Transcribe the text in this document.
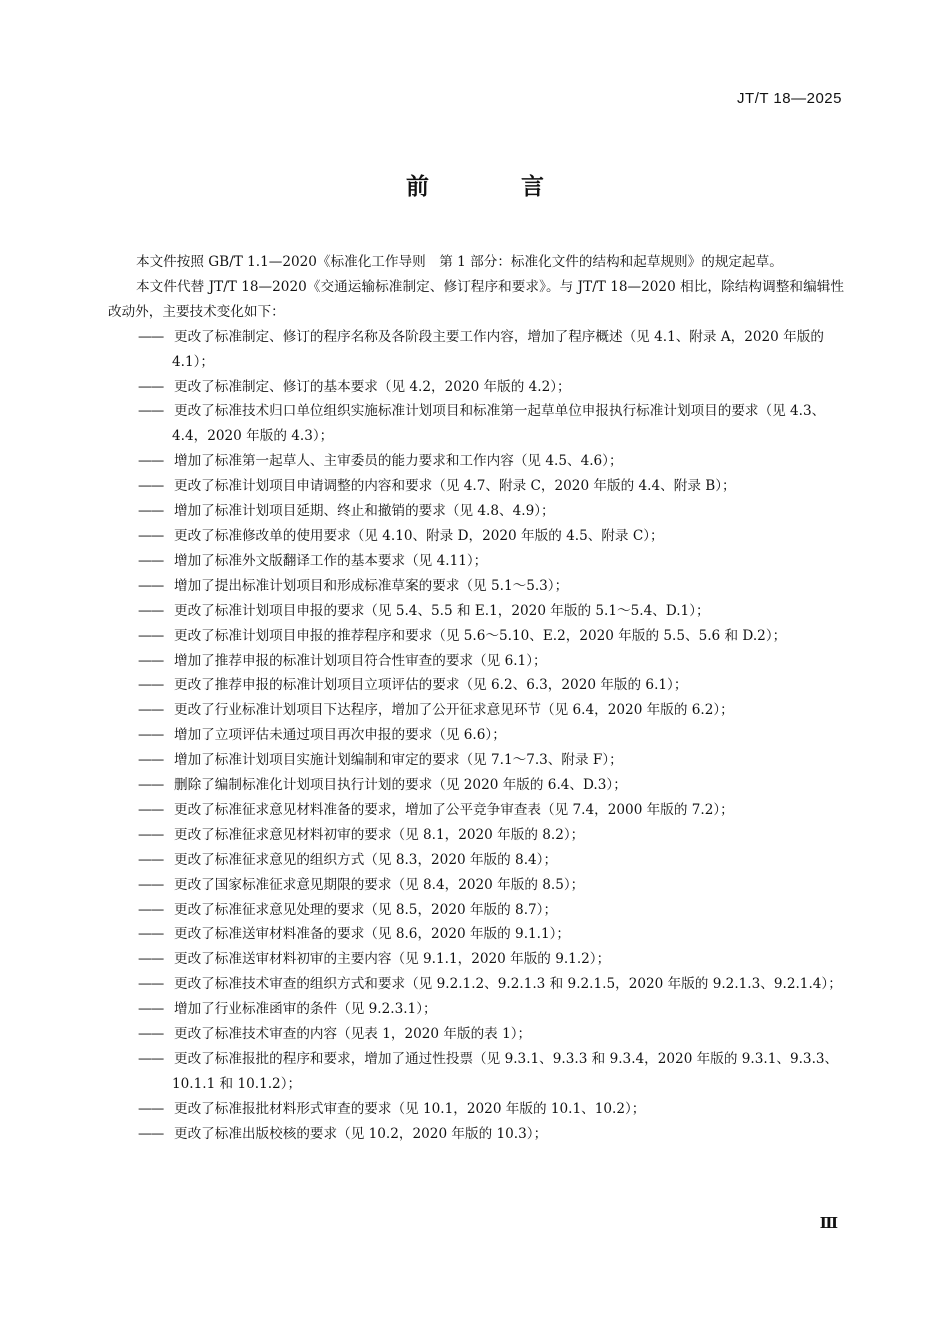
JT/T 18—2025
前 言

本文件按照 GB/T 1.1—2020《标准化工作导则　第 1 部分：标准化文件的结构和起草规则》的规定起草。

本文件代替 JT/T 18—2020《交通运输标准制定、修订程序和要求》。与 JT/T 18—2020 相比，除结构调整和编辑性改动外，主要技术变化如下：

—— 更改了标准制定、修订的程序名称及各阶段主要工作内容，增加了程序概述（见 4.1、附录 A，2020 年版的 4.1）；
—— 更改了标准制定、修订的基本要求（见 4.2，2020 年版的 4.2）；
—— 更改了标准技术归口单位组织实施标准计划项目和标准第一起草单位申报执行标准计划项目的要求（见 4.3、4.4，2020 年版的 4.3）；
—— 增加了标准第一起草人、主审委员的能力要求和工作内容（见 4.5、4.6）；
—— 更改了标准计划项目申请调整的内容和要求（见 4.7、附录 C，2020 年版的 4.4、附录 B）；
—— 增加了标准计划项目延期、终止和撤销的要求（见 4.8、4.9）；
—— 更改了标准修改单的使用要求（见 4.10、附录 D，2020 年版的 4.5、附录 C）；
—— 增加了标准外文版翻译工作的基本要求（见 4.11）；
—— 增加了提出标准计划项目和形成标准草案的要求（见 5.1～5.3）；
—— 更改了标准计划项目申报的要求（见 5.4、5.5 和 E.1，2020 年版的 5.1～5.4、D.1）；
—— 更改了标准计划项目申报的推荐程序和要求（见 5.6～5.10、E.2，2020 年版的 5.5、5.6 和 D.2）；
—— 增加了推荐申报的标准计划项目符合性审查的要求（见 6.1）；
—— 更改了推荐申报的标准计划项目立项评估的要求（见 6.2、6.3，2020 年版的 6.1）；
—— 更改了行业标准计划项目下达程序，增加了公开征求意见环节（见 6.4，2020 年版的 6.2）；
—— 增加了立项评估未通过项目再次申报的要求（见 6.6）；
—— 增加了标准计划项目实施计划编制和审定的要求（见 7.1～7.3、附录 F）；
—— 删除了编制标准化计划项目执行计划的要求（见 2020 年版的 6.4、D.3）；
—— 更改了标准征求意见材料准备的要求，增加了公平竞争审查表（见 7.4，2000 年版的 7.2）；
—— 更改了标准征求意见材料初审的要求（见 8.1，2020 年版的 8.2）；
—— 更改了标准征求意见的组织方式（见 8.3，2020 年版的 8.4）；
—— 更改了国家标准征求意见期限的要求（见 8.4，2020 年版的 8.5）；
—— 更改了标准征求意见处理的要求（见 8.5，2020 年版的 8.7）；
—— 更改了标准送审材料准备的要求（见 8.6，2020 年版的 9.1.1）；
—— 更改了标准送审材料初审的主要内容（见 9.1.1，2020 年版的 9.1.2）；
—— 更改了标准技术审查的组织方式和要求（见 9.2.1.2、9.2.1.3 和 9.2.1.5，2020 年版的 9.2.1.3、9.2.1.4）；
—— 增加了行业标准函审的条件（见 9.2.3.1）；
—— 更改了标准技术审查的内容（见表 1，2020 年版的表 1）；
—— 更改了标准报批的程序和要求，增加了通过性投票（见 9.3.1、9.3.3 和 9.3.4，2020 年版的 9.3.1、9.3.3、10.1.1 和 10.1.2）；
—— 更改了标准报批材料形式审查的要求（见 10.1，2020 年版的 10.1、10.2）；
—— 更改了标准出版校核的要求（见 10.2，2020 年版的 10.3）；
Ⅲ
